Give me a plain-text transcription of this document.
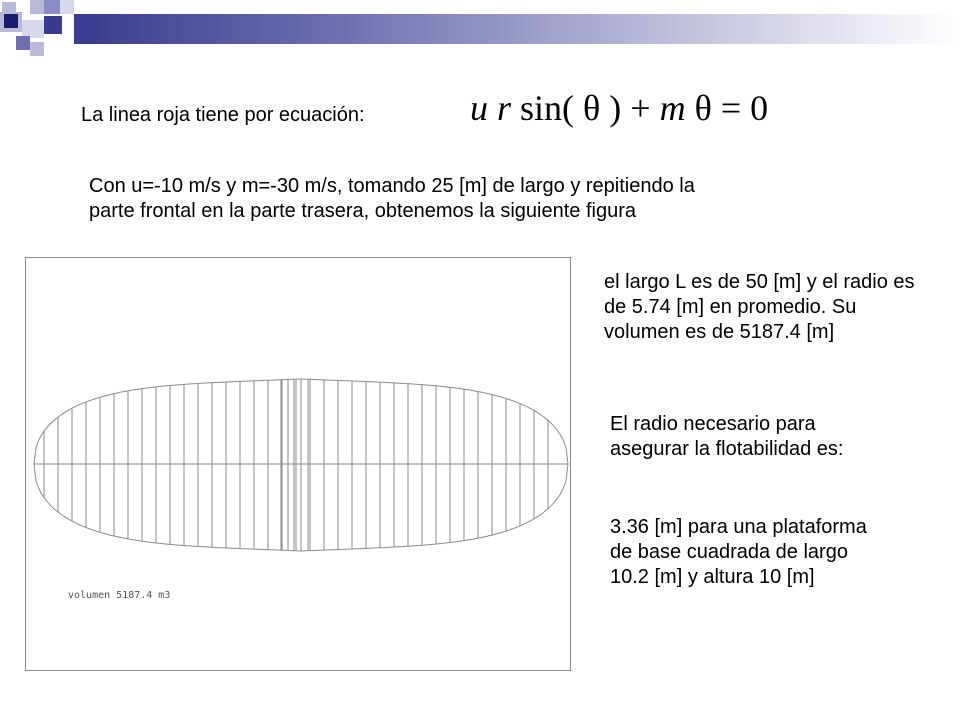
La linea roja tiene por ecuación:	u r sin( θ ) + m θ = 0
Con u=-10 m/s y m=-30 m/s, tomando 25 [m] de largo y repitiendo la parte frontal en la parte trasera, obtenemos la siguiente figura
volumen 5187.4 m3
el largo L es de 50 [m] y el radio es de 5.74 [m] en promedio. Su volumen es de 5187.4 [m]
El radio necesario para asegurar la flotabilidad es:
3.36 [m] para una plataforma de base cuadrada de largo 10.2 [m] y altura 10 [m]
